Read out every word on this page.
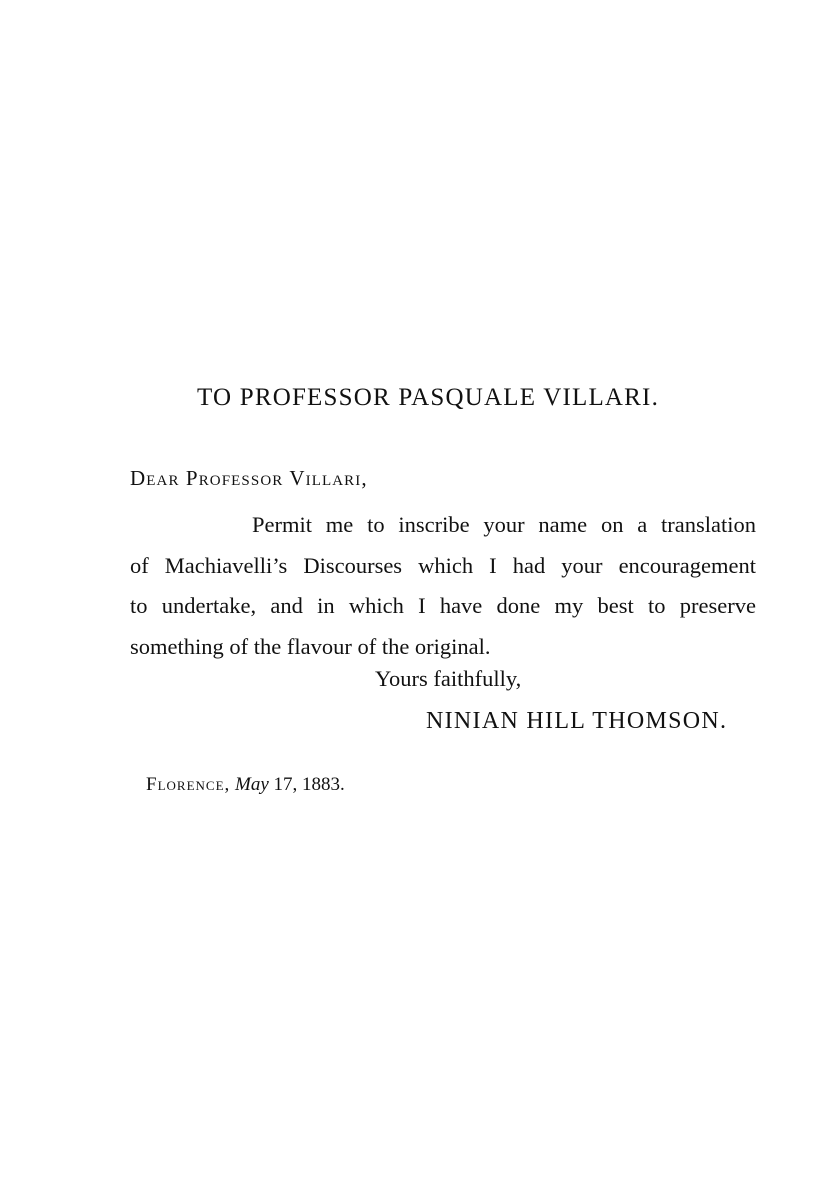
TO PROFESSOR PASQUALE VILLARI.
Dear Professor Villari,

Permit me to inscribe your name on a translation
of Machiavelli’s Discourses which I had your encouragement
to undertake, and in which I have done my best to preserve
something of the flavour of the original.

Yours faithfully,
NINIAN HILL THOMSON.
Florence, May 17, 1883.
